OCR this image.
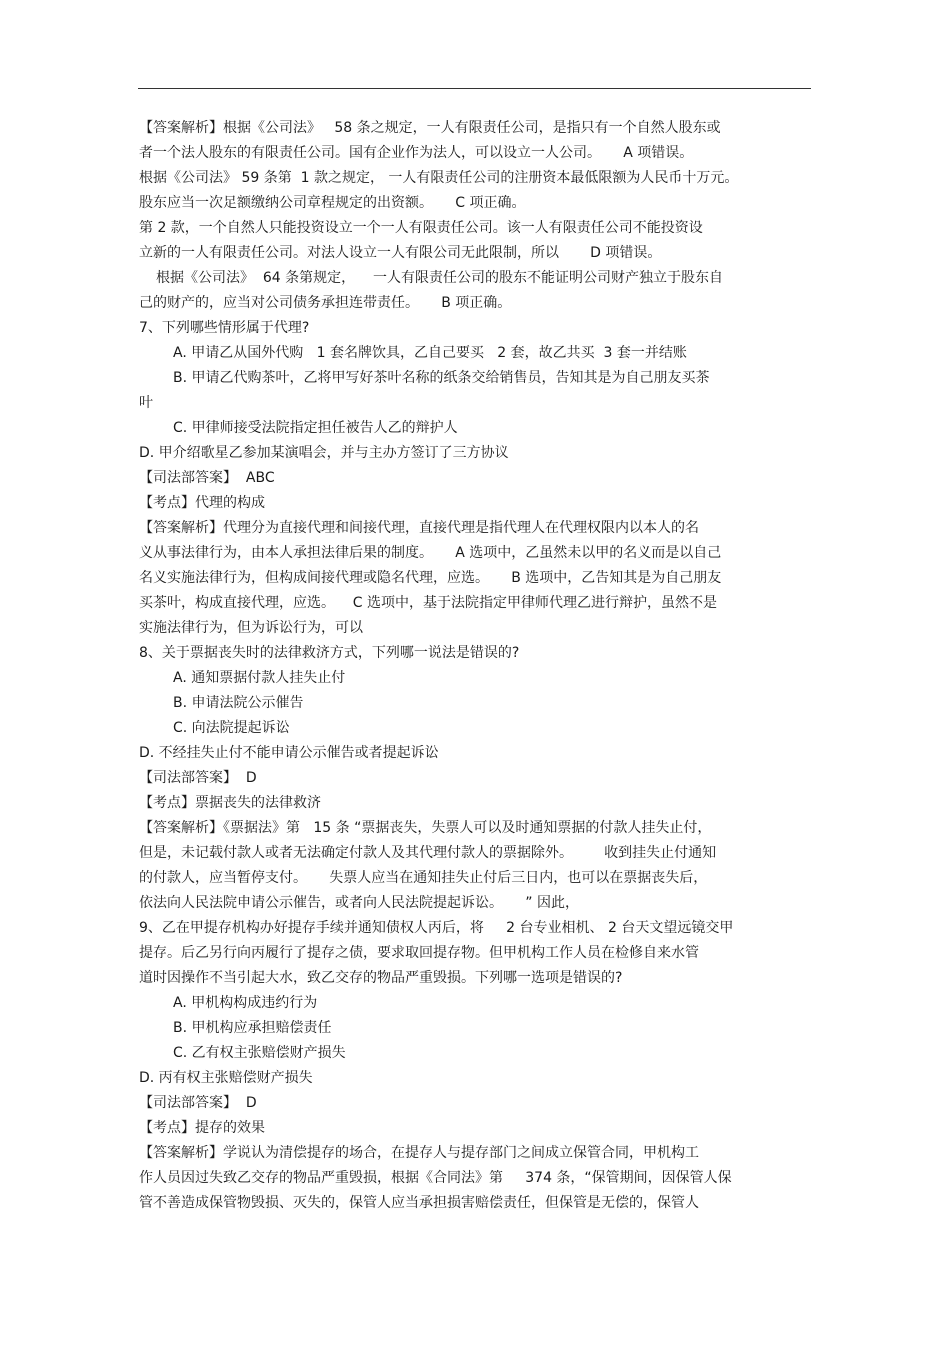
【答案解析】根据《公司法》   58 条之规定，一人有限责任公司，是指只有一个自然人股东或
者一个法人股东的有限责任公司。国有企业作为法人，可以设立一人公司。     A 项错误。
根据《公司法》 59 条第  1 款之规定， 一人有限责任公司的注册资本最低限额为人民币十万元。
股东应当一次足额缴纳公司章程规定的出资额。     C 项正确。
第 2 款，一个自然人只能投资设立一个一人有限责任公司。该一人有限责任公司不能投资设
立新的一人有限责任公司。对法人设立一人有限公司无此限制，所以       D 项错误。
根据《公司法》  64 条第规定，    一人有限责任公司的股东不能证明公司财产独立于股东自
己的财产的，应当对公司债务承担连带责任。     B 项正确。
7、下列哪些情形属于代理?
A. 甲请乙从国外代购   1 套名牌饮具，乙自己要买   2 套，故乙共买  3 套一并结账
B. 甲请乙代购茶叶，乙将甲写好茶叶名称的纸条交给销售员，告知其是为自己朋友买茶
叶
C. 甲律师接受法院指定担任被告人乙的辩护人
D. 甲介绍歌星乙参加某演唱会，并与主办方签订了三方协议
【司法部答案】  ABC
【考点】代理的构成
【答案解析】代理分为直接代理和间接代理，直接代理是指代理人在代理权限内以本人的名
义从事法律行为，由本人承担法律后果的制度。     A 选项中，乙虽然未以甲的名义而是以自己
名义实施法律行为，但构成间接代理或隐名代理，应选。     B 选项中，乙告知其是为自己朋友
买茶叶，构成直接代理，应选。    C 选项中，基于法院指定甲律师代理乙进行辩护，虽然不是
实施法律行为，但为诉讼行为，可以
8、关于票据丧失时的法律救济方式，下列哪一说法是错误的?
A. 通知票据付款人挂失止付
B. 申请法院公示催告
C. 向法院提起诉讼
D. 不经挂失止付不能申请公示催告或者提起诉讼
【司法部答案】  D
【考点】票据丧失的法律救济
【答案解析】《票据法》第   15 条 “票据丧失，失票人可以及时通知票据的付款人挂失止付，
但是，未记载付款人或者无法确定付款人及其代理付款人的票据除外。       收到挂失止付通知
的付款人，应当暂停支付。     失票人应当在通知挂失止付后三日内，也可以在票据丧失后，
依法向人民法院申请公示催告，或者向人民法院提起诉讼。     ” 因此，
9、乙在甲提存机构办好提存手续并通知债权人丙后，将     2 台专业相机、 2 台天文望远镜交甲
提存。后乙另行向丙履行了提存之债，要求取回提存物。但甲机构工作人员在检修自来水管
道时因操作不当引起大水，致乙交存的物品严重毁损。下列哪一选项是错误的?
A. 甲机构构成违约行为
B. 甲机构应承担赔偿责任
C. 乙有权主张赔偿财产损失
D. 丙有权主张赔偿财产损失
【司法部答案】  D
【考点】提存的效果
【答案解析】学说认为清偿提存的场合，在提存人与提存部门之间成立保管合同，甲机构工
作人员因过失致乙交存的物品严重毁损，根据《合同法》第     374 条，“保管期间，因保管人保
管不善造成保管物毁损、灭失的，保管人应当承担损害赔偿责任，但保管是无偿的，保管人
